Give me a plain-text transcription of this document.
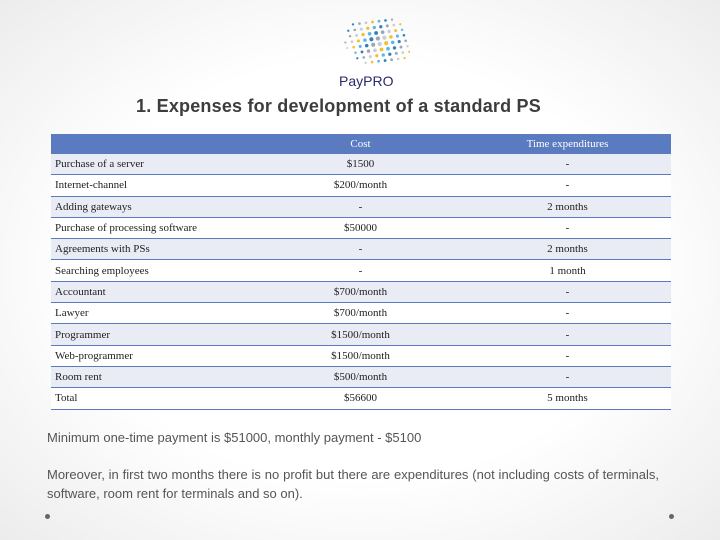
PayPRO
1. Expenses for development of a standard PS
	Cost	Time expenditures
Purchase of a server	$1500	-
Internet-channel	$200/month	-
Adding gateways	-	2 months
Purchase of processing software	$50000	-
Agreements with PSs	-	2 months
Searching employees	-	1 month
Accountant	$700/month	-
Lawyer	$700/month	-
Programmer	$1500/month	-
Web-programmer	$1500/month	-
Room rent	$500/month	-
Total	$56600	5 months
Minimum one-time payment is $51000, monthly payment - $5100
Moreover, in first two months there is no profit but there are expenditures (not including costs of terminals, software, room rent for terminals and so on).
